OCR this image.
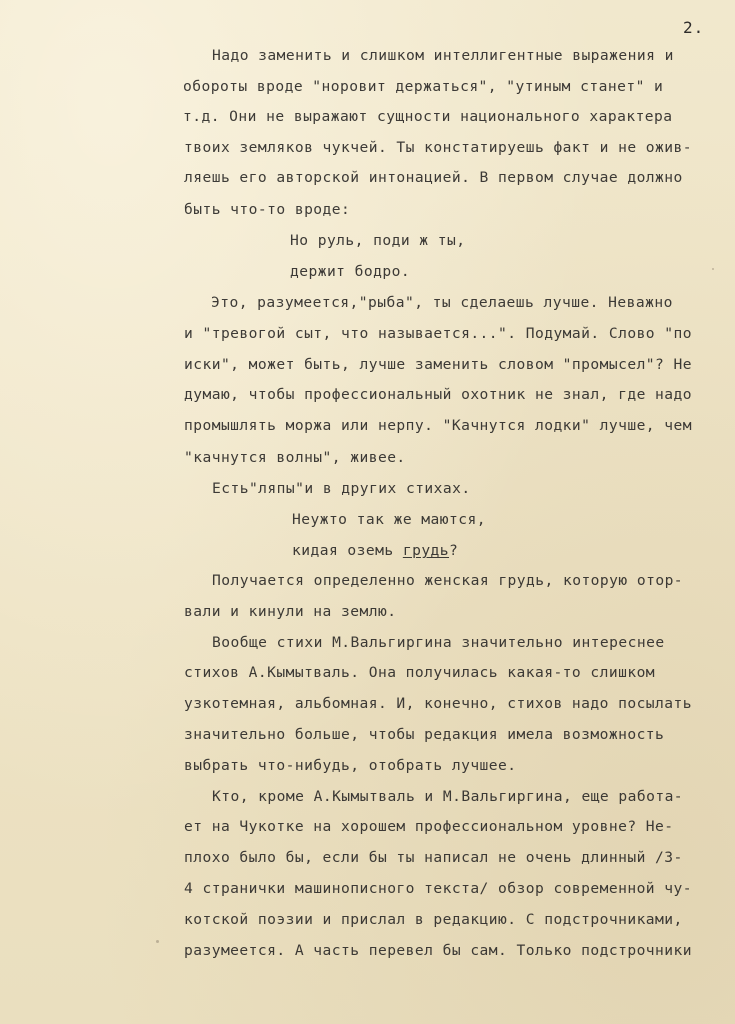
2.
Надо заменить и слишком интеллигентные выражения и
обороты вроде "норовит держаться", "утиным станет" и
т.д. Они не выражают сущности национального характера
твоих земляков чукчей. Ты констатируешь факт и не ожив-
ляешь его авторской интонацией. В первом случае должно
быть что-то вроде:
Но руль, поди ж ты,
держит бодро.
Это, разумеется,"рыба", ты сделаешь лучше. Неважно
и "тревогой сыт, что называется...". Подумай. Слово "по
иски", может быть, лучше заменить словом "промысел"? Не
думаю, чтобы профессиональный охотник не знал, где надо
промышлять моржа или нерпу. "Качнутся лодки" лучше, чем
"качнутся волны", живее.
Есть"ляпы"и в других стихах.
Неужто так же маются,
кидая оземь грудь?
Получается определенно женская грудь, которую отор-
вали и кинули на землю.
Вообще стихи М.Вальгиргина значительно интереснее
стихов А.Кымытваль. Она получилась какая-то слишком
узкотемная, альбомная. И, конечно, стихов надо посылать
значительно больше, чтобы редакция имела возможность
выбрать что-нибудь, отобрать лучшее.
Кто, кроме А.Кымытваль и М.Вальгиргина, еще работа-
ет на Чукотке на хорошем профессиональном уровне? Не-
плохо было бы, если бы ты написал не очень длинный /3-
4 странички машинописного текста/ обзор современной чу-
котской поэзии и прислал в редакцию. С подстрочниками,
разумеется. А часть перевел бы сам. Только подстрочники
